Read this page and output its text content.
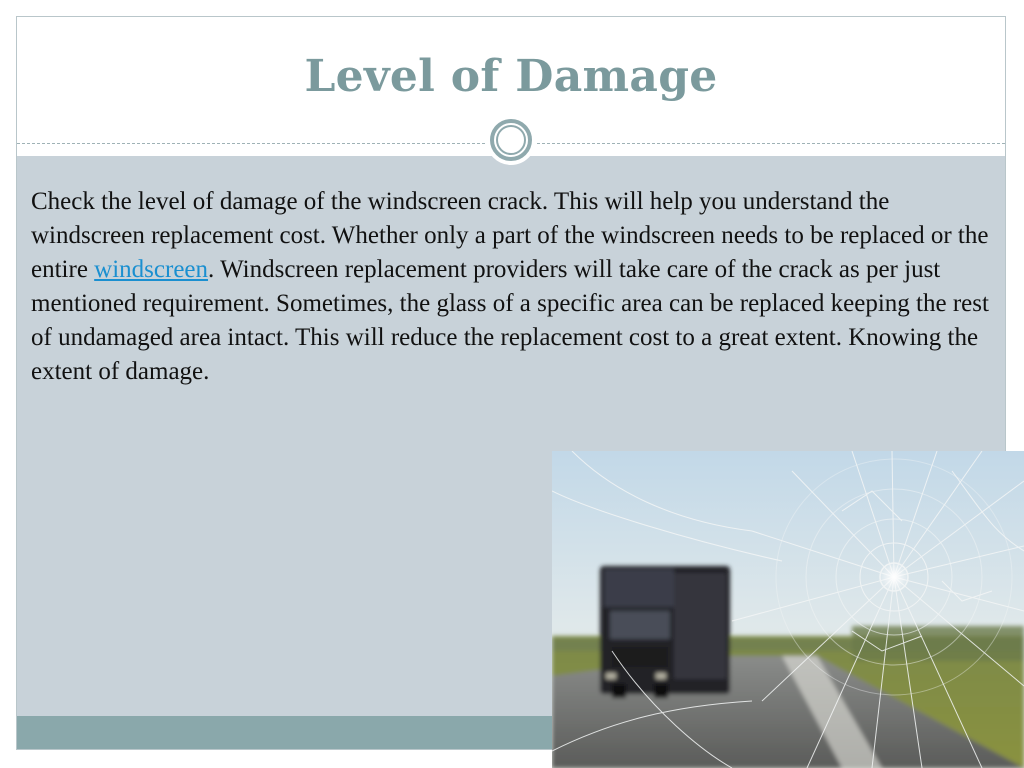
Level of Damage

Check the level of damage of the windscreen crack. This will help you understand the windscreen replacement cost. Whether only a part of the windscreen needs to be replaced or the entire windscreen. Windscreen replacement providers will take care of the crack as per just mentioned requirement. Sometimes, the glass of a specific area can be replaced keeping the rest of undamaged area intact. This will reduce the replacement cost to a great extent. Knowing the extent of damage.
